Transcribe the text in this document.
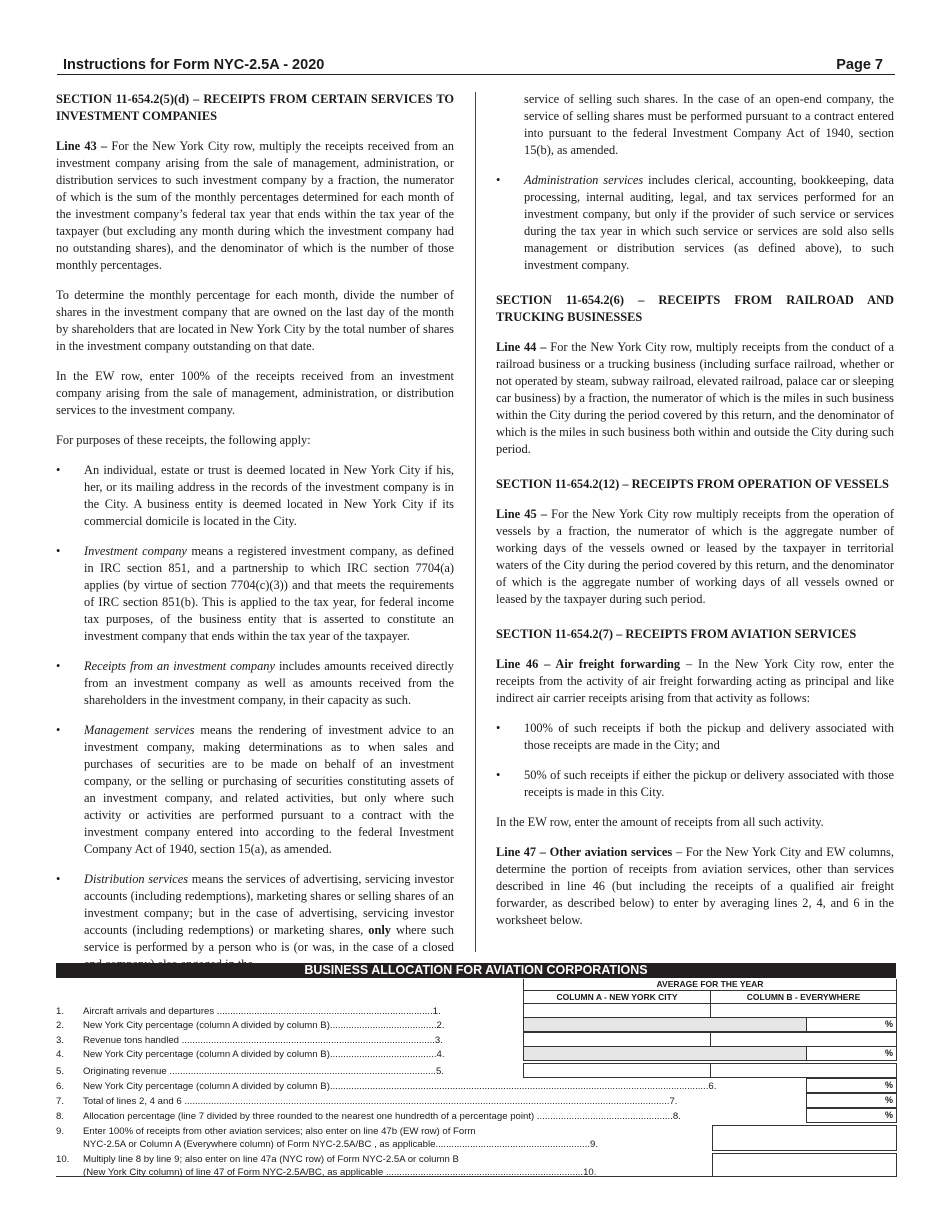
Instructions for Form NYC-2.5A - 2020	Page 7
SECTION 11-654.2(5)(d) – RECEIPTS FROM CERTAIN SERVICES TO INVESTMENT COMPANIES

Line 43 – For the New York City row, multiply the receipts received from an investment company arising from the sale of management, administration, or distribution services to such investment company by a fraction, the numerator of which is the sum of the monthly percentages determined for each month of the investment company’s federal tax year that ends within the tax year of the taxpayer (but excluding any month during which the investment company had no outstanding shares), and the denominator of which is the number of those monthly percentages.

To determine the monthly percentage for each month, divide the number of shares in the investment company that are owned on the last day of the month by shareholders that are located in New York City by the total number of shares in the investment company outstanding on that date.

In the EW row, enter 100% of the receipts received from an investment company arising from the sale of management, administration, or distribution services to the investment company.

For purposes of these receipts, the following apply:

• An individual, estate or trust is deemed located in New York City if his, her, or its mailing address in the records of the investment company is in the City. A business entity is deemed located in New York City if its commercial domicile is located in the City.
• Investment company means a registered investment company, as defined in IRC section 851, and a partnership to which IRC section 7704(a) applies (by virtue of section 7704(c)(3)) and that meets the requirements of IRC section 851(b). This is applied to the tax year, for federal income tax purposes, of the business entity that is asserted to constitute an investment company that ends within the tax year of the taxpayer.
• Receipts from an investment company includes amounts received directly from an investment company as well as amounts received from the shareholders in the investment company, in their capacity as such.
• Management services means the rendering of investment advice to an investment company, making determinations as to when sales and purchases of securities are to be made on behalf of an investment company, or the selling or purchasing of securities constituting assets of an investment company, and related activities, but only where such activity or activities are performed pursuant to a contract with the investment company entered into according to the federal Investment Company Act of 1940, section 15(a), as amended.
• Distribution services means the services of advertising, servicing investor accounts (including redemptions), marketing shares or selling shares of an investment company; but in the case of advertising, servicing investor accounts (including redemptions) or marketing shares, only where such service is performed by a person who is (or was, in the case of a closed
service of selling such shares. In the case of an open-end company, the service of selling shares must be performed pursuant to a contract entered into pursuant to the federal Investment Company Act of 1940, section 15(b), as amended.
• Administration services includes clerical, accounting, bookkeeping, data processing, internal auditing, legal, and tax services performed for an investment company, but only if the provider of such service or services during the tax year in which such service or services are sold also sells management or distribution services (as defined above), to such investment company.
SECTION 11-654.2(6) – RECEIPTS FROM RAILROAD AND TRUCKING BUSINESSES

Line 44 – For the New York City row, multiply receipts from the conduct of a railroad business or a trucking business (including surface railroad, whether or not operated by steam, subway railroad, elevated railroad, palace car or sleeping car business) by a fraction, the numerator of which is the miles in such business within the City during the period covered by this return, and the denominator of which is the miles in such business both within and outside the City during such period.

SECTION 11-654.2(12) – RECEIPTS FROM OPERATION OF VESSELS

Line 45 – For the New York City row multiply receipts from the operation of vessels by a fraction, the numerator of which is the aggregate number of working days of the vessels owned or leased by the taxpayer in territorial waters of the City during the period covered by this return, and the denominator of which is the aggregate number of working days of all vessels owned or leased by the taxpayer during such period.

SECTION 11-654.2(7) – RECEIPTS FROM AVIATION SERVICES

Line 46 – Air freight forwarding – In the New York City row, enter the receipts from the activity of air freight forwarding acting as principal and like indirect air carrier receipts arising from that activity as follows:

• 100% of such receipts if both the pickup and delivery associated with those receipts are made in the City; and
• 50% of such receipts if either the pickup or delivery associated with those receipts is made in this City.

In the EW row, enter the amount of receipts from all such activity.

Line 47 – Other aviation services – For the New York City and EW columns, determine the portion of receipts from aviation services, other than services described in line 46 (but including the receipts of a qualified air freight forwarder, as described below) to enter by averaging lines 2, 4, and 6 in the worksheet below.

BUSINESS ALLOCATION FOR AVIATION CORPORATIONS
AVERAGE FOR THE YEAR
COLUMN A - NEW YORK CITY	COLUMN B - EVERYWHERE
1. Aircraft arrivals and departures .................................................................................1.
2. New York City percentage (column A divided by column B)........................................2.	%
3. Revenue tons handled ...............................................................................................3.
4. New York City percentage (column A divided by column B)........................................4.	%
5. Originating revenue ....................................................................................................5.
6. New York City percentage (column A divided by column B)..............................................................................................................................................6.	%
7. Total of lines 2, 4 and 6 ......................................................................................................................................................................................7.	%
8. Allocation percentage (line 7 divided by three rounded to the nearest one hundredth of a percentage point) ...................................................8.	%
9. Enter 100% of receipts from other aviation services; also enter on line 47b (EW row) of Form
NYC-2.5A or Column A (Everywhere column) of Form NYC-2.5A/BC , as applicable..........................................................9.
10. Multiply line 8 by line 9; also enter on line 47a (NYC row) of Form NYC-2.5A or column B
(New York City column) of line 47 of Form NYC-2.5A/BC, as applicable ..........................................................................10.
